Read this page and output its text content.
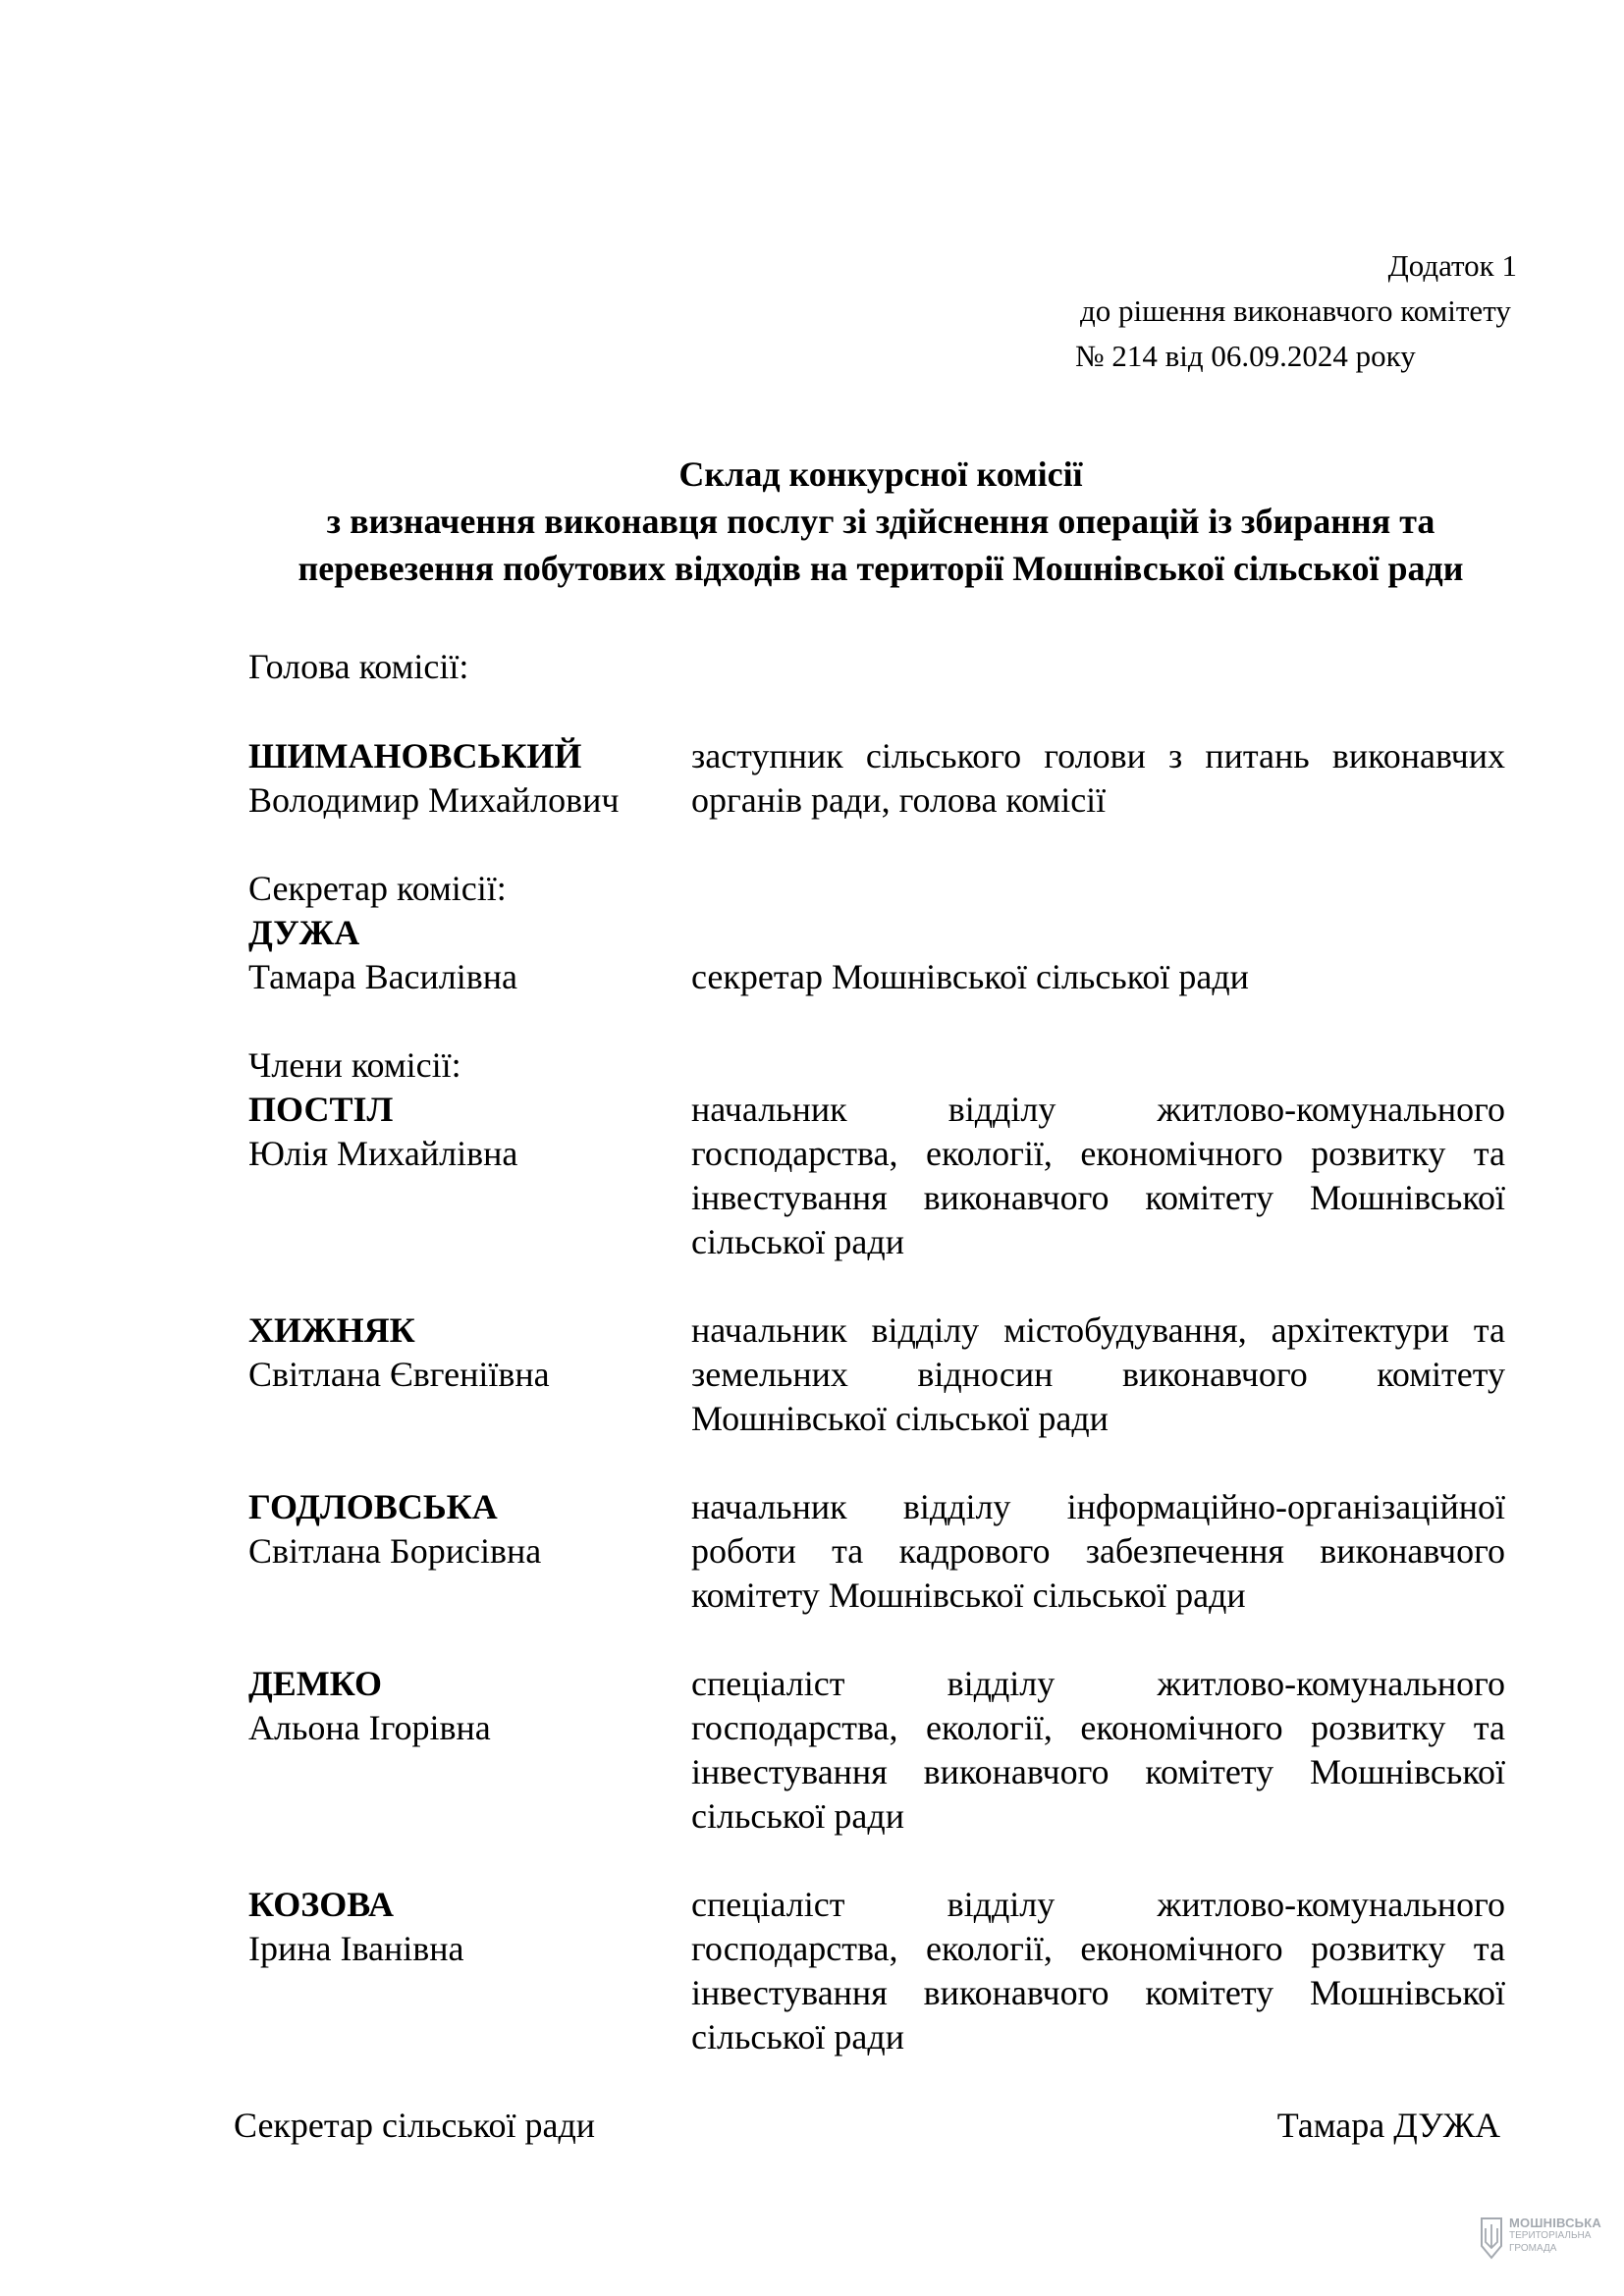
Додаток 1
до рішення виконавчого комітету
№ 214 від 06.09.2024 року
Склад конкурсної комісії
з визначення виконавця послуг зі здійснення операцій із збирання та
перевезення побутових відходів на території Мошнівської сільської ради
Голова комісії:
ШИМАНОВСЬКИЙ
Володимир Михайлович
заступник сільського голови з питань виконавчих органів ради, голова комісії
Секретар комісії:
ДУЖА
Тамара Василівна	секретар Мошнівської сільської ради
Члени комісії:
ПОСТІЛ
Юлія Михайлівна
начальник відділу житлово-комунального господарства, екології, економічного розвитку та інвестування виконавчого комітету Мошнівської сільської ради
ХИЖНЯК
Світлана Євгеніївна
начальник відділу містобудування, архітектури та земельних відносин виконавчого комітету Мошнівської сільської ради
ГОДЛОВСЬКА
Світлана Борисівна
начальник відділу інформаційно-організаційної роботи та кадрового забезпечення виконавчого комітету Мошнівської сільської ради
ДЕМКО
Альона Ігорівна
спеціаліст відділу житлово-комунального господарства, екології, економічного розвитку та інвестування виконавчого комітету Мошнівської сільської ради
КОЗОВА
Ірина Іванівна
спеціаліст відділу житлово-комунального господарства, екології, економічного розвитку та інвестування виконавчого комітету Мошнівської сільської ради
Секретар сільської ради	Тамара ДУЖА
МОШНІВСЬКА
ТЕРИТОРІАЛЬНА
ГРОМАДА
